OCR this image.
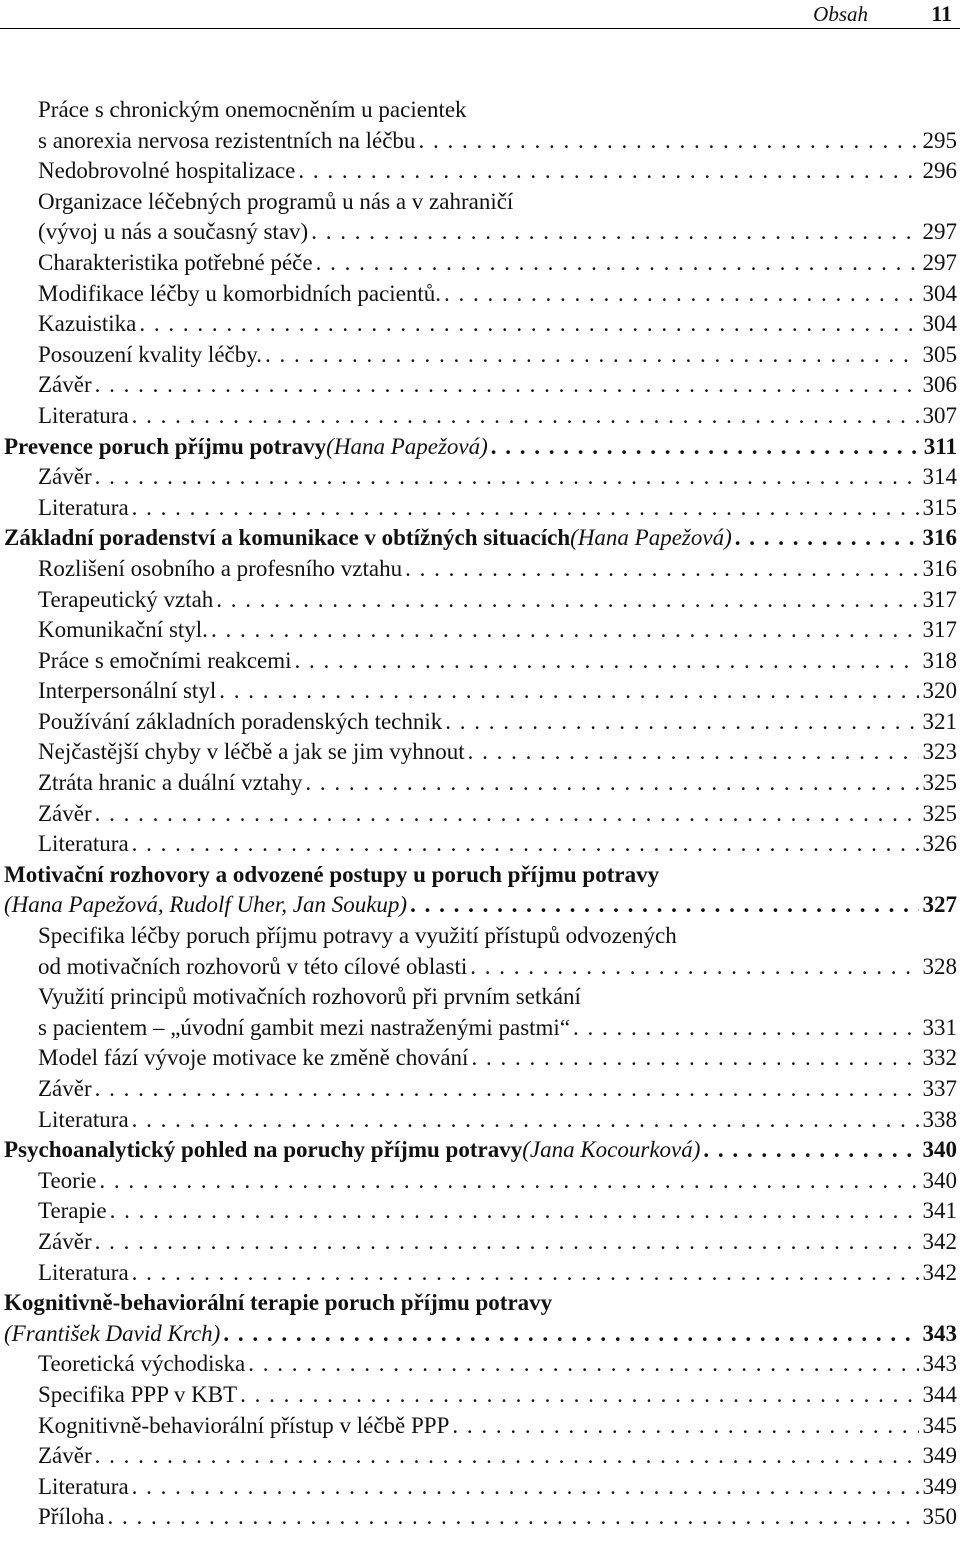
Obsah	11
Práce s chronickým onemocněním u pacientek
s anorexia nervosa rezistentních na léčbu . . .	295
Nedobrovolné hospitalizace . . .	296
Organizace léčebných programů u nás a v zahraničí
(vývoj u nás a současný stav) . . .	297
Charakteristika potřebné péče . . .	297
Modifikace léčby u komorbidních pacientů. . . .	304
Kazuistika . . .	304
Posouzení kvality léčby. . . .	305
Závěr . . .	306
Literatura . . .	307
Prevence poruch příjmu potravy (Hana Papežová) . . .	311
Závěr . . .	314
Literatura . . .	315
Základní poradenství a komunikace v obtížných situacích (Hana Papežová) . . .	316
Rozlišení osobního a profesního vztahu . . .	316
Terapeutický vztah . . .	317
Komunikační styl. . . .	317
Práce s emočními reakcemi . . .	318
Interpersonální styl . . .	320
Používání základních poradenských technik . . .	321
Nejčastější chyby v léčbě a jak se jim vyhnout . . .	323
Ztráta hranic a duální vztahy . . .	325
Závěr . . .	325
Literatura . . .	326
Motivační rozhovory a odvozené postupy u poruch příjmu potravy
(Hana Papežová, Rudolf Uher, Jan Soukup) . . .	327
Specifika léčby poruch příjmu potravy a využití přístupů odvozených
od motivačních rozhovorů v této cílové oblasti . . .	328
Využití principů motivačních rozhovorů při prvním setkání
s pacientem – „úvodní gambit mezi nastraženými pastmi“ . . .	331
Model fází vývoje motivace ke změně chování . . .	332
Závěr . . .	337
Literatura . . .	338
Psychoanalytický pohled na poruchy příjmu potravy (Jana Kocourková) . . .	340
Teorie . . .	340
Terapie . . .	341
Závěr . . .	342
Literatura . . .	342
Kognitivně-behaviorální terapie poruch příjmu potravy
(František David Krch) . . .	343
Teoretická východiska . . .	343
Specifika PPP v KBT . . .	344
Kognitivně-behaviorální přístup v léčbě PPP . . .	345
Závěr . . .	349
Literatura . . .	349
Příloha . . .	350
